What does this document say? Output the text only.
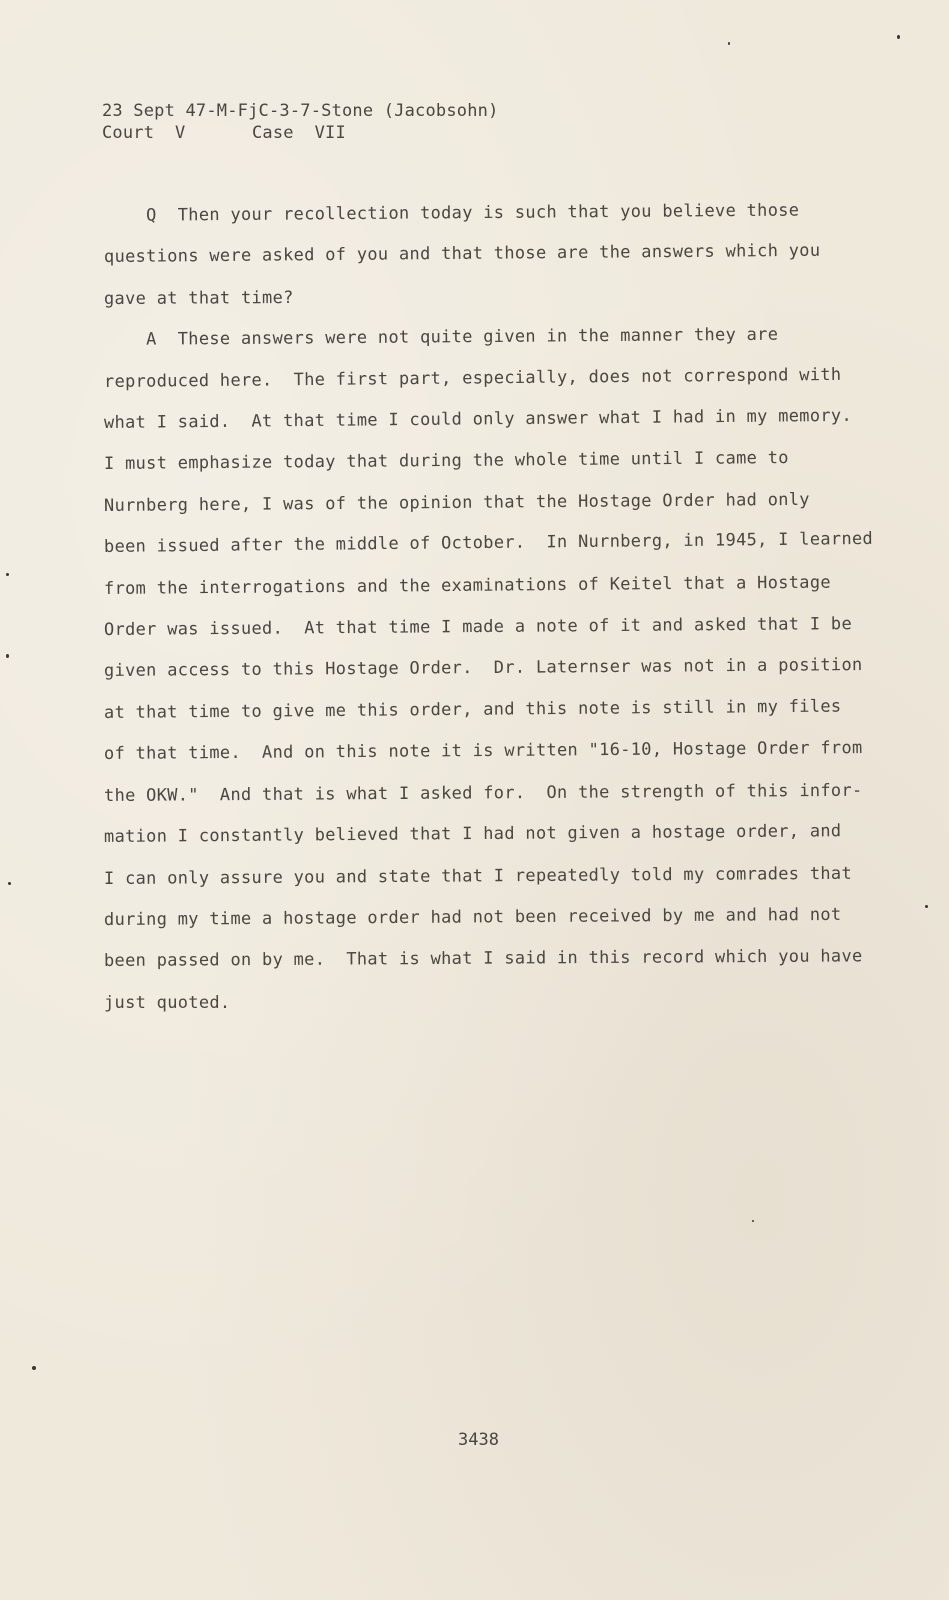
23 Sept 47-M-FjC-3-7-Stone (Jacobsohn)
Court  V	Case  VII
Q  Then your recollection today is such that you believe those
questions were asked of you and that those are the answers which you
gave at that time?
A  These answers were not quite given in the manner they are
reproduced here.  The first part, especially, does not correspond with
what I said.  At that time I could only answer what I had in my memory.
I must emphasize today that during the whole time until I came to
Nurnberg here, I was of the opinion that the Hostage Order had only
been issued after the middle of October.  In Nurnberg, in 1945, I learned
from the interrogations and the examinations of Keitel that a Hostage
Order was issued.  At that time I made a note of it and asked that I be
given access to this Hostage Order.  Dr. Laternser was not in a position
at that time to give me this order, and this note is still in my files
of that time.  And on this note it is written "16-10, Hostage Order from
the OKW."  And that is what I asked for.  On the strength of this infor-
mation I constantly believed that I had not given a hostage order, and
I can only assure you and state that I repeatedly told my comrades that
during my time a hostage order had not been received by me and had not
been passed on by me.  That is what I said in this record which you have
just quoted.
3438
